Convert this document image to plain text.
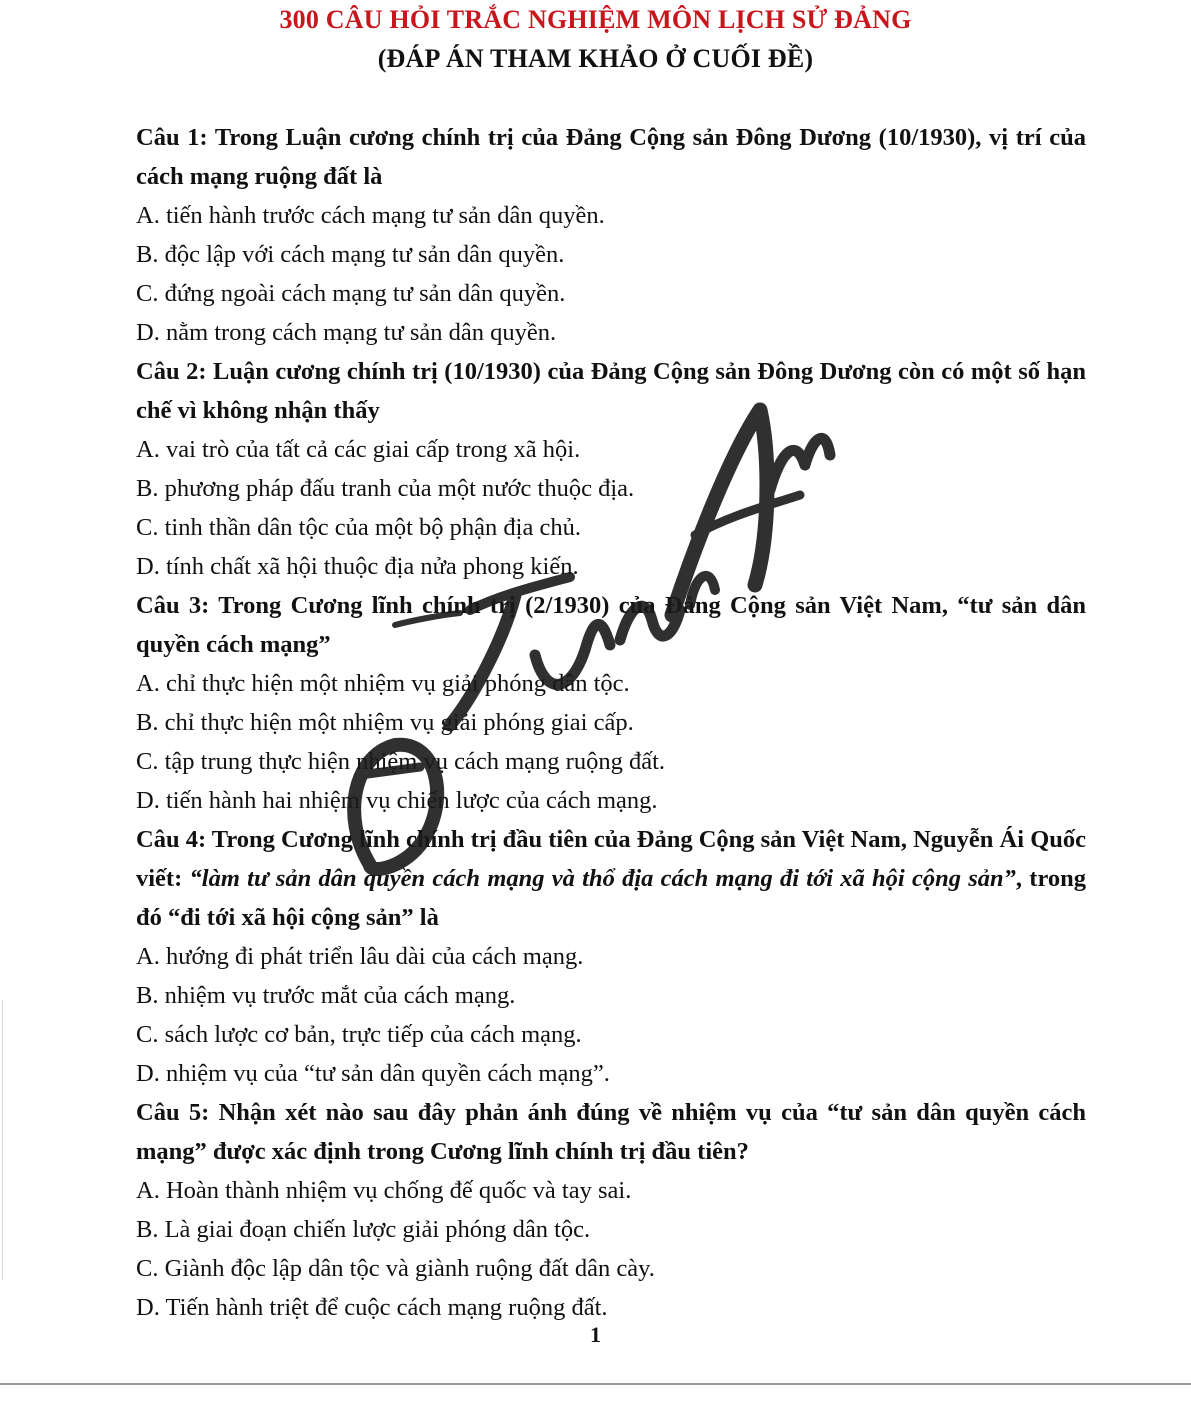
300 CÂU HỎI TRẮC NGHIỆM MÔN LỊCH SỬ ĐẢNG
(ĐÁP ÁN THAM KHẢO Ở CUỐI ĐỀ)
Câu 1: Trong Luận cương chính trị của Đảng Cộng sản Đông Dương (10/1930), vị trí của cách mạng ruộng đất là
A. tiến hành trước cách mạng tư sản dân quyền.
B. độc lập với cách mạng tư sản dân quyền.
C. đứng ngoài cách mạng tư sản dân quyền.
D. nằm trong cách mạng tư sản dân quyền.
Câu 2: Luận cương chính trị (10/1930) của Đảng Cộng sản Đông Dương còn có một số hạn chế vì không nhận thấy
A. vai trò của tất cả các giai cấp trong xã hội.
B. phương pháp đấu tranh của một nước thuộc địa.
C. tinh thần dân tộc của một bộ phận địa chủ.
D. tính chất xã hội thuộc địa nửa phong kiến.
Câu 3: Trong Cương lĩnh chính trị (2/1930) của Đảng Cộng sản Việt Nam, “tư sản dân quyền cách mạng”
A. chỉ thực hiện một nhiệm vụ giải phóng dân tộc.
B. chỉ thực hiện một nhiệm vụ giải phóng giai cấp.
C. tập trung thực hiện nhiệm vụ cách mạng ruộng đất.
D. tiến hành hai nhiệm vụ chiến lược của cách mạng.
Câu 4: Trong Cương lĩnh chính trị đầu tiên của Đảng Cộng sản Việt Nam, Nguyễn Ái Quốc viết: “làm tư sản dân quyền cách mạng và thổ địa cách mạng đi tới xã hội cộng sản”, trong đó “đi tới xã hội cộng sản” là
A. hướng đi phát triển lâu dài của cách mạng.
B. nhiệm vụ trước mắt của cách mạng.
C. sách lược cơ bản, trực tiếp của cách mạng.
D. nhiệm vụ của “tư sản dân quyền cách mạng”.
Câu 5: Nhận xét nào sau đây phản ánh đúng về nhiệm vụ của “tư sản dân quyền cách mạng” được xác định trong Cương lĩnh chính trị đầu tiên?
A. Hoàn thành nhiệm vụ chống đế quốc và tay sai.
B. Là giai đoạn chiến lược giải phóng dân tộc.
C. Giành độc lập dân tộc và giành ruộng đất dân cày.
D. Tiến hành triệt để cuộc cách mạng ruộng đất.
1
